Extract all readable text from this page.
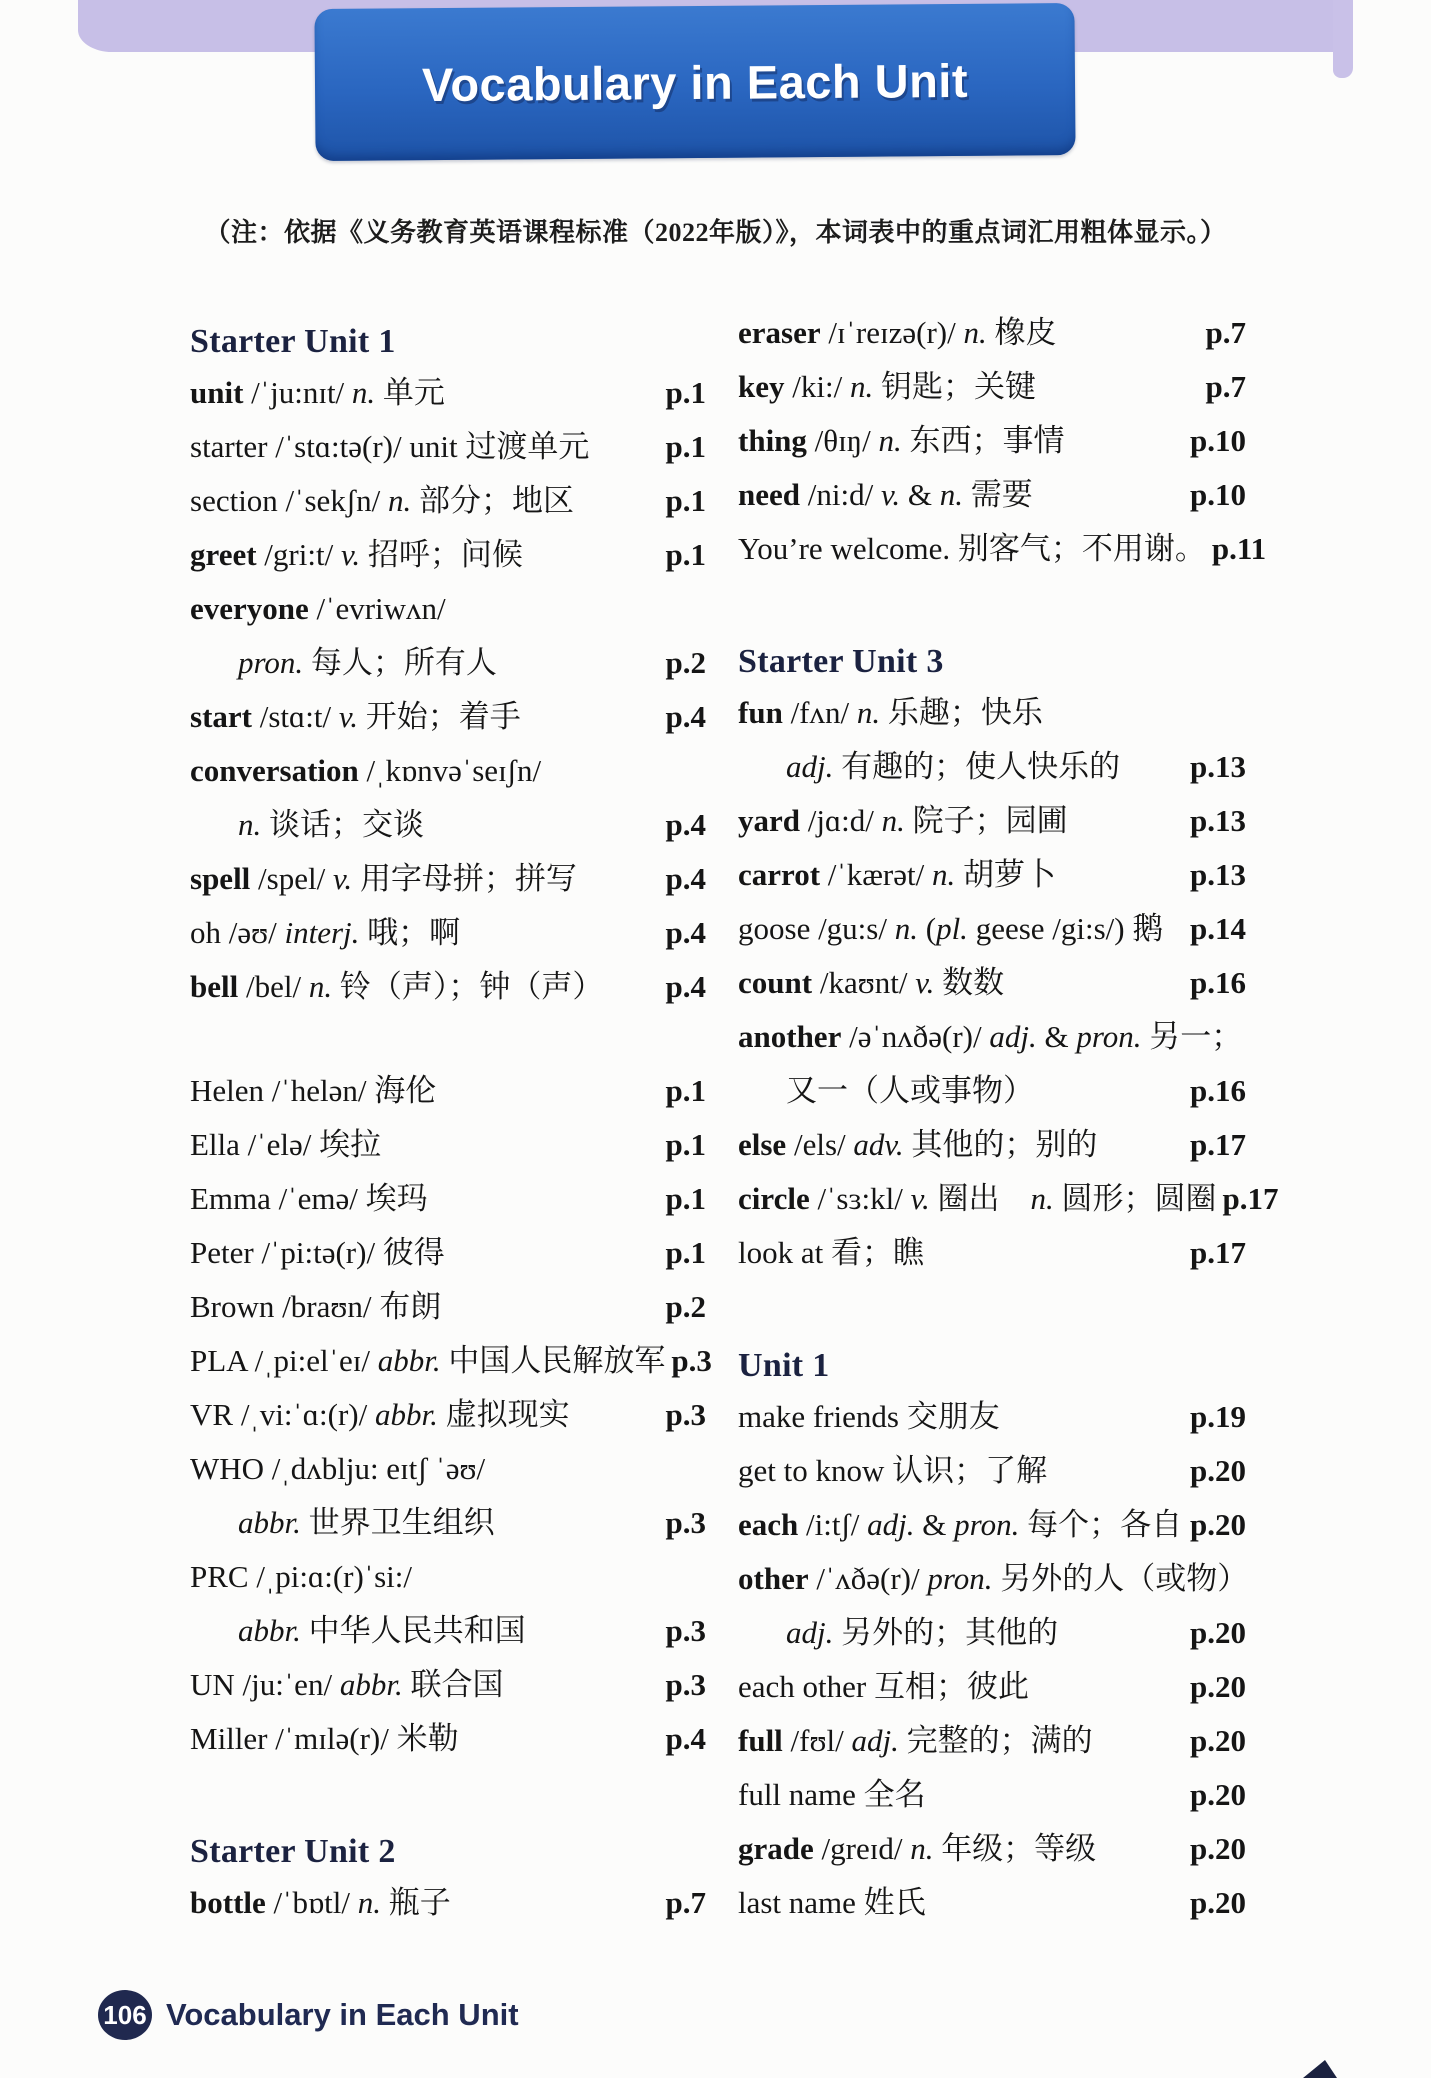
Vocabulary in Each Unit
（注：依据《义务教育英语课程标准（2022年版）》，本词表中的重点词汇用粗体显示。）
Starter Unit 1
unit /ˈju:nɪt/ n. 单元	p.1
starter /ˈstɑ:tə(r)/ unit 过渡单元	p.1
section /ˈsekʃn/ n. 部分；地区	p.1
greet /gri:t/ v. 招呼；问候	p.1
everyone /ˈevriwʌn/
pron. 每人；所有人	p.2
start /stɑ:t/ v. 开始；着手	p.4
conversation /ˌkɒnvəˈseɪʃn/
n. 谈话；交谈	p.4
spell /spel/ v. 用字母拼；拼写	p.4
oh /əʊ/ interj. 哦；啊	p.4
bell /bel/ n. 铃（声）；钟（声）	p.4
Helen /ˈhelən/ 海伦	p.1
Ella /ˈelə/ 埃拉	p.1
Emma /ˈemə/ 埃玛	p.1
Peter /ˈpi:tə(r)/ 彼得	p.1
Brown /braʊn/ 布朗	p.2
PLA /ˌpi:elˈeɪ/ abbr. 中国人民解放军 p.3
VR /ˌvi:ˈɑ:(r)/ abbr. 虚拟现实	p.3
WHO /ˌdʌblju: eɪtʃ ˈəʊ/
abbr. 世界卫生组织	p.3
PRC /ˌpi:ɑ:(r)ˈsi:/
abbr. 中华人民共和国	p.3
UN /ju:ˈen/ abbr. 联合国	p.3
Miller /ˈmɪlə(r)/ 米勒	p.4
Starter Unit 2
bottle /ˈbɒtl/ n. 瓶子	p.7
eraser /ɪˈreɪzə(r)/ n. 橡皮	p.7
key /ki:/ n. 钥匙；关键	p.7
thing /θɪŋ/ n. 东西；事情	p.10
need /ni:d/ v. & n. 需要	p.10
You’re welcome. 别客气；不用谢。 p.11
Starter Unit 3
fun /fʌn/ n. 乐趣；快乐
adj. 有趣的；使人快乐的	p.13
yard /jɑ:d/ n. 院子；园圃	p.13
carrot /ˈkærət/ n. 胡萝卜	p.13
goose /gu:s/ n. (pl. geese /gi:s/) 鹅 p.14
count /kaʊnt/ v. 数数	p.16
another /əˈnʌðə(r)/ adj. & pron. 另一；
又一（人或事物）	p.16
else /els/ adv. 其他的；别的	p.17
circle /ˈsɜ:kl/ v. 圈出　n. 圆形；圆圈 p.17
look at 看；瞧	p.17
Unit 1
make friends 交朋友	p.19
get to know 认识；了解	p.20
each /i:tʃ/ adj. & pron. 每个；各自 p.20
other /ˈʌðə(r)/ pron. 另外的人（或物）
adj. 另外的；其他的	p.20
each other 互相；彼此	p.20
full /fʊl/ adj. 完整的；满的	p.20
full name 全名	p.20
grade /greɪd/ n. 年级；等级	p.20
last name 姓氏	p.20
106 Vocabulary in Each Unit
